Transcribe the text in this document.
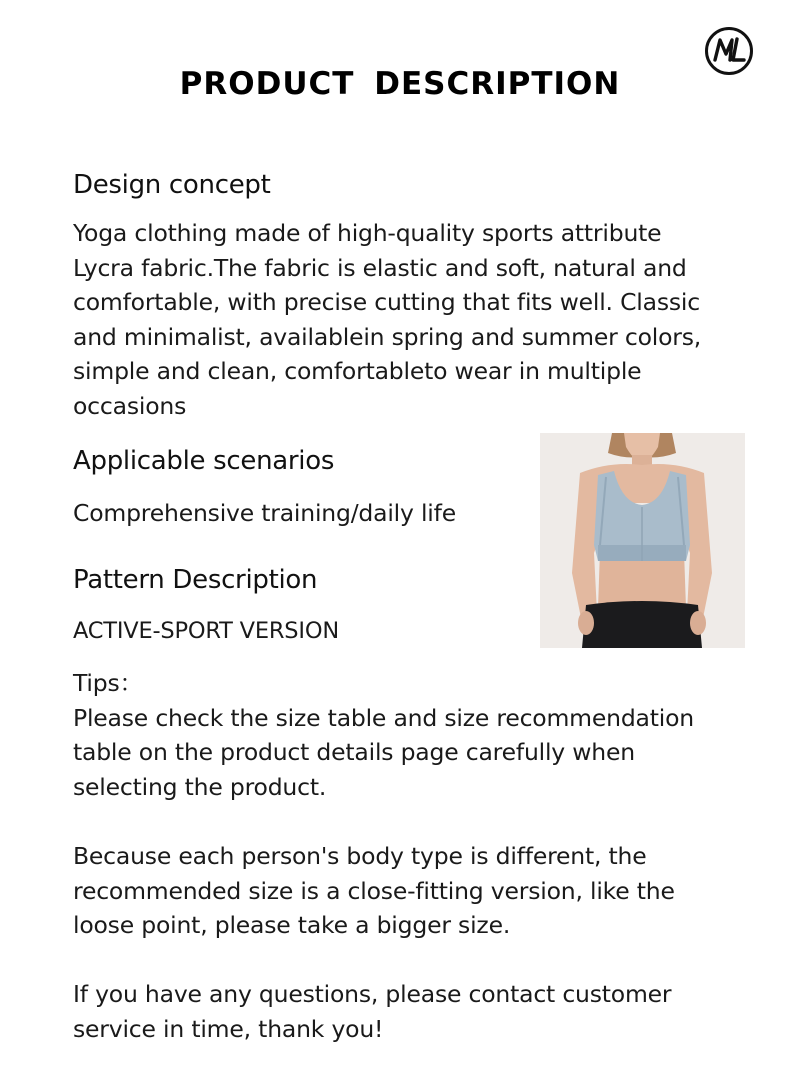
PRODUCT DESCRIPTION
Design concept
Yoga clothing made of high-quality sports attribute
Lycra fabric.The fabric is elastic and soft, natural and
comfortable, with precise cutting that fits well. Classic
and minimalist, availablein spring and summer colors,
simple and clean, comfortableto wear in multiple
occasions
Applicable scenarios
Comprehensive training/daily life
Pattern Description
ACTIVE-SPORT VERSION
Tips：
Please check the size table and size recommendation
table on the product details page carefully when
selecting the product.
Because each person's body type is different, the
recommended size is a close-fitting version, like the
loose point, please take a bigger size.
If you have any questions, please contact customer
service in time, thank you!
